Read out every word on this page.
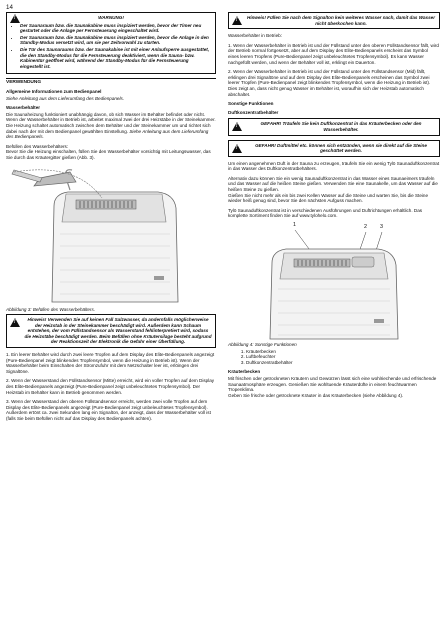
14
!
WARNUNG!
• Der Saunaraum bzw. die Saunakabine muss inspiziert werden, bevor der Timer neu gestartet oder die Anlage per Fernsteuerung eingeschaltet wird.
• Der Saunaraum bzw. die Saunakabine muss inspiziert werden, bevor die Anlage in den Standby-Modus versetzt wird, um sie per Zeitvorwahl zu starten.
• Die Tür des Saunaraums bzw. der Saunakabine ist mit einer Anlaufsperre ausgestattet, die den Standby-Modus für die Fernsteuerung deaktiviert, wenn die Sauna- bzw. Kabinentür geöffnet wird, während der Standby-Modus für die Fernsteuerung eingestellt ist.
VERWENDUNG
Allgemeine Informationen zum Bedienpanel

Siehe Anleitung aus dem Lieferumfang des Bedienpanels.

Wasserbehälter

Die Saunaheizung funktioniert unabhängig davon, ob sich Wasser im Behälter befindet oder nicht. Wenn der Wasserbehälter in Betrieb ist, arbeitet maximal zwei der drei Heizstäbe in der Steinekammer. Die Heizung schaltet automatisch zwischen dem Behälter und der Steinekammer um und richtet sich dabei nach der mit dem Bedienpanel gewählten Einstellung. Siehe Anleitung aus dem Lieferumfang des Bedienpanels.

Befüllen des Wasserbehälters:

Bevor Sie die Heizung einschalten, füllen Sie den Wasserbehälter vorsichtig mit Leitungswasser, das Sie durch das Kräutergitter gießen (Abb. 3).

Abbildung 3: Befüllen des Wasserbehälters.
!
Hinweis! Verwenden Sie auf keinen Fall Salzwasser, da andernfalls möglicherweise der Heizstab in der Steinekammer beschädigt wird. Außerdem kann Schaum entstehen, der vom Füllstandsensor als Wasserstand fehlinterpretiert wird, sodass die Heizstäbe beschädigt werden. Beim Befüllen ohne Kräutersilage besteht aufgrund der Reaktionszeit der Elektronik die Gefahr einer Überfüllung.

1. Ein leerer Behälter wird durch zwei leere Tropfen auf dem Display des Elite-Bedienpanels angezeigt (Pure-Bedienpanel zeigt blinkendes Tropfensymbol, wenn die Heizung in Betrieb ist). Wenn der Wasserbehälter beim Einschalten der Stromzufuhr mit dem Netzschalter leer ist, erlöingen drei Signaltöne.

2. Wenn der Wasserstand den Füllstandsensor (Mitte) erreicht, wird ein voller Tropfen auf dem Display des Elite-Bedienpanels angezeigt (Pure-Bedienpanel zeigt unbeleuchtetes Tropfensymbol). Der Heizstab im Behälter kann in Betrieb genommen werden.

3. Wenn der Wasserstand den oberen Füllstandsensor erreicht, werden zwei volle Tropfen auf dem Display des Elite-Bedienpanels angezeigt (Pure-Bedienpanel zeigt unbeleuchtetes Tropfensymbol). Außerdem ertönt ca. zwei Sekunden lang ein Signalton, der anzeigt, dass der Wasserbehälter voll ist (falls Sie beim Befüllen nicht auf das Display des Bedienpanels achten).

!
Hinweis! Füllen Sie nach dem Signalton kein weiteres Wasser nach, damit das Wasser nicht überkochen kann.

Wasserbehälter in Betrieb:

1. Wenn der Wasserbehälter in Betrieb ist und der Füllstand unter den oberen Füllstandsensor fällt, wird der Betrieb normal fortgesetzt, aber auf dem Display des Elite-Bedienpanels erscheint das Symbol eines leeren Tropfens (Pure-Bedienpanel zeigt unbeleuchtetes Tropfensymbol). Es kann Wasser nachgefüllt werden, und wenn der Behälter voll ist, erklingt ein Dauerton.

2. Wenn der Wasserbehälter in Betrieb ist und der Füllstand unter den Füllstandsensor (Mid) fällt, erklingen drei Signaltöne und auf dem Display des Elite-Bedienpanels erscheinen das Symbol zwei leerer Tropfen (Pure-Bedienpanel zeigt blinkendes Tropfensymbol, wenn die Heizung in Betrieb ist). Dies zeigt an, dass nicht genug Wasser im Behälter ist, woraufhin sich der Heizstab automatisch abschaltet.

Sonstige Funktionen
Duftkonzentratbehälter
!
GEFAHR! Träufeln Sie kein Duftkonzentrat in das Kräuterbecken oder den Wasserbehälter.
!
GEFAHR! Duftmittel etc. können sich entzünden, wenn sie direkt auf die Steine geschüttet werden.

Um einen angenehmen Duft in der Sauna zu erzeugen, träufeln Sie ein wenig Tylö Saunaduftkonzentrat in das Wasser des Duftkonzentratbehälters.

Alternativ dazu können Sie ein wenig Saunaduftkonzentrat in das Wasser eines Saunaeimers träufeln und das Wasser auf die heißen Steine gießen. Verwenden Sie eine Saunakelle, um das Wasser auf die heißen Steine zu gießen.

Gießen Sie nicht mehr als ein bis zwei Kellen Wasser auf die Steine und warten Sie, bis die Steine wieder heiß genug sind, bevor Sie den nächsten Aufguss machen.

Tylö Saunaduftkonzentrat ist in verschiedenen Ausführungen und Duftrichtungen erhältlich. Das komplette Sortiment finden Sie auf www.tylohelo.com.

1	2 3
Abbildung 4: Sonstige Funktionen
1. Kräuterbecken
2. Luftbefeuchter
3. Duftkonzentratbehälter
Kräuterbecken

Mit frischen oder getrockneten Kräutern und Gewürzen lässt sich eine wohlriechende und erfrischende Saunaatmosphäre erzeugen. Genießen Sie wohltuende Kräuterdüfte in einem feuchtwarmen Tropenklima.

Geben Sie frische oder getrocknete Kräuter in das Kräuterbecken (siehe Abbildung 4).
